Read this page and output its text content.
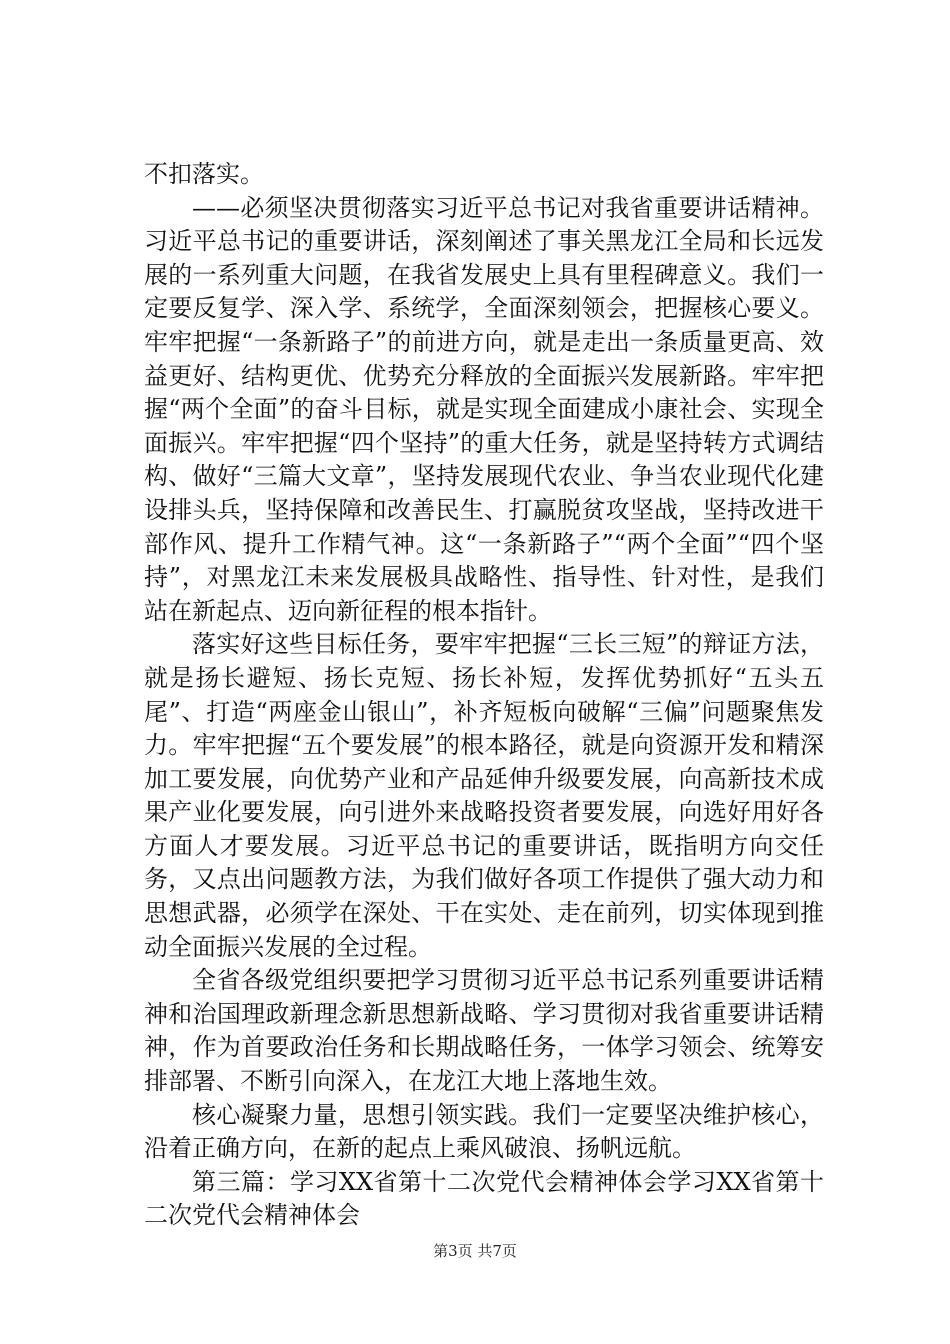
不扣落实。

——必须坚决贯彻落实习近平总书记对我省重要讲话精神。习近平总书记的重要讲话，深刻阐述了事关黑龙江全局和长远发展的一系列重大问题，在我省发展史上具有里程碑意义。我们一定要反复学、深入学、系统学，全面深刻领会，把握核心要义。牢牢把握“一条新路子”的前进方向，就是走出一条质量更高、效益更好、结构更优、优势充分释放的全面振兴发展新路。牢牢把握“两个全面”的奋斗目标，就是实现全面建成小康社会、实现全面振兴。牢牢把握“四个坚持”的重大任务，就是坚持转方式调结构、做好“三篇大文章”，坚持发展现代农业、争当农业现代化建设排头兵，坚持保障和改善民生、打赢脱贫攻坚战，坚持改进干部作风、提升工作精气神。这“一条新路子”“两个全面”“四个坚持”，对黑龙江未来发展极具战略性、指导性、针对性，是我们站在新起点、迈向新征程的根本指针。

落实好这些目标任务，要牢牢把握“三长三短”的辩证方法，就是扬长避短、扬长克短、扬长补短，发挥优势抓好“五头五尾”、打造“两座金山银山”，补齐短板向破解“三偏”问题聚焦发力。牢牢把握“五个要发展”的根本路径，就是向资源开发和精深加工要发展，向优势产业和产品延伸升级要发展，向高新技术成果产业化要发展，向引进外来战略投资者要发展，向选好用好各方面人才要发展。习近平总书记的重要讲话，既指明方向交任务，又点出问题教方法，为我们做好各项工作提供了强大动力和思想武器，必须学在深处、干在实处、走在前列，切实体现到推动全面振兴发展的全过程。

全省各级党组织要把学习贯彻习近平总书记系列重要讲话精神和治国理政新理念新思想新战略、学习贯彻对我省重要讲话精神，作为首要政治任务和长期战略任务，一体学习领会、统筹安排部署、不断引向深入，在龙江大地上落地生效。

核心凝聚力量，思想引领实践。我们一定要坚决维护核心，沿着正确方向，在新的起点上乘风破浪、扬帆远航。

第三篇：学习XX省第十二次党代会精神体会学习XX省第十二次党代会精神体会

第3页 共7页
